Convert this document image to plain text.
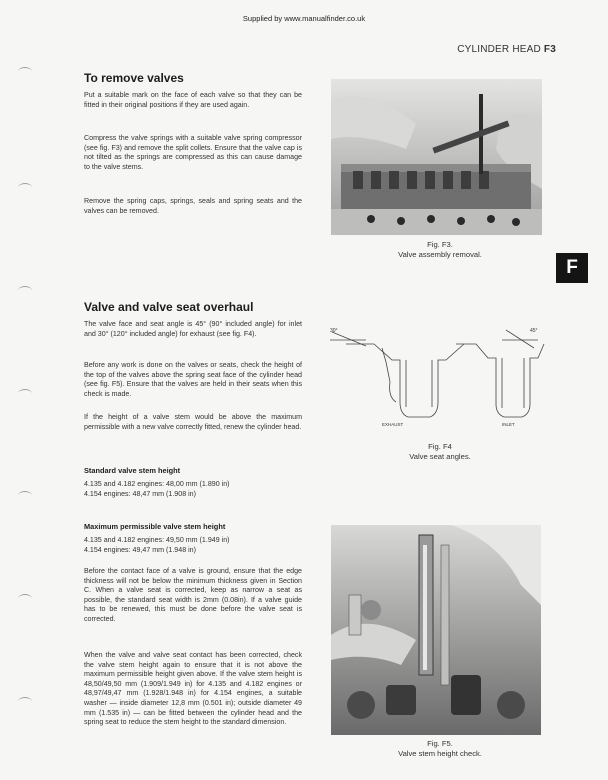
Supplied by www.manualfinder.co.uk
CYLINDER HEAD F3
F
To remove valves

Put a suitable mark on the face of each valve so that they can be fitted in their original positions if they are used again.

Compress the valve springs with a suitable valve spring compressor (see fig. F3) and remove the split collets. Ensure that the valve cap is not tilted as the springs are compressed as this can cause damage to the valve stems.

Remove the spring caps, springs, seals and spring seats and the valves can be removed.

Valve and valve seat overhaul

The valve face and seat angle is 45° (90° included angle) for inlet and 30° (120° included angle) for exhaust (see fig. F4).

Before any work is done on the valves or seats, check the height of the top of the valves above the spring seat face of the cylinder head (see fig. F5). Ensure that the valves are held in their seats when this check is made.

If the height of a valve stem would be above the maximum permissible with a new valve correctly fitted, renew the cylinder head.

Standard valve stem height

4.135 and 4.182 engines: 48,00 mm (1.890 in)

4.154 engines: 48,47 mm (1.908 in)

Maximum permissible valve stem height

4.135 and 4.182 engines: 49,50 mm (1.949 in)

4.154 engines: 49,47 mm (1.948 in)

Before the contact face of a valve is ground, ensure that the edge thickness will not be below the minimum thickness given in Section C. When a valve seat is corrected, keep as narrow a seat as possible, the standard seat width is 2mm (0.08in). If a valve guide has to be renewed, this must be done before the valve seat is corrected.

When the valve and valve seat contact has been corrected, check the valve stem height again to ensure that it is not above the maximum permissible height given above. If the valve stem height is 48,50/49,50 mm (1.909/1.949 in) for 4.135 and 4.182 engines or 48,97/49,47 mm (1.928/1.948 in) for 4.154 engines, a suitable washer — inside diameter 12,8 mm (0.501 in); outside diameter 49 mm (1.535 in) — can be fitted between the cylinder head and the spring seat to reduce the stem height to the standard dimension.

Fig. F3.
Valve assembly removal.
30°	45°
EXHAUST	INLET
Fig. F4
Valve seat angles.
Fig. F5.
Valve stem height check.
